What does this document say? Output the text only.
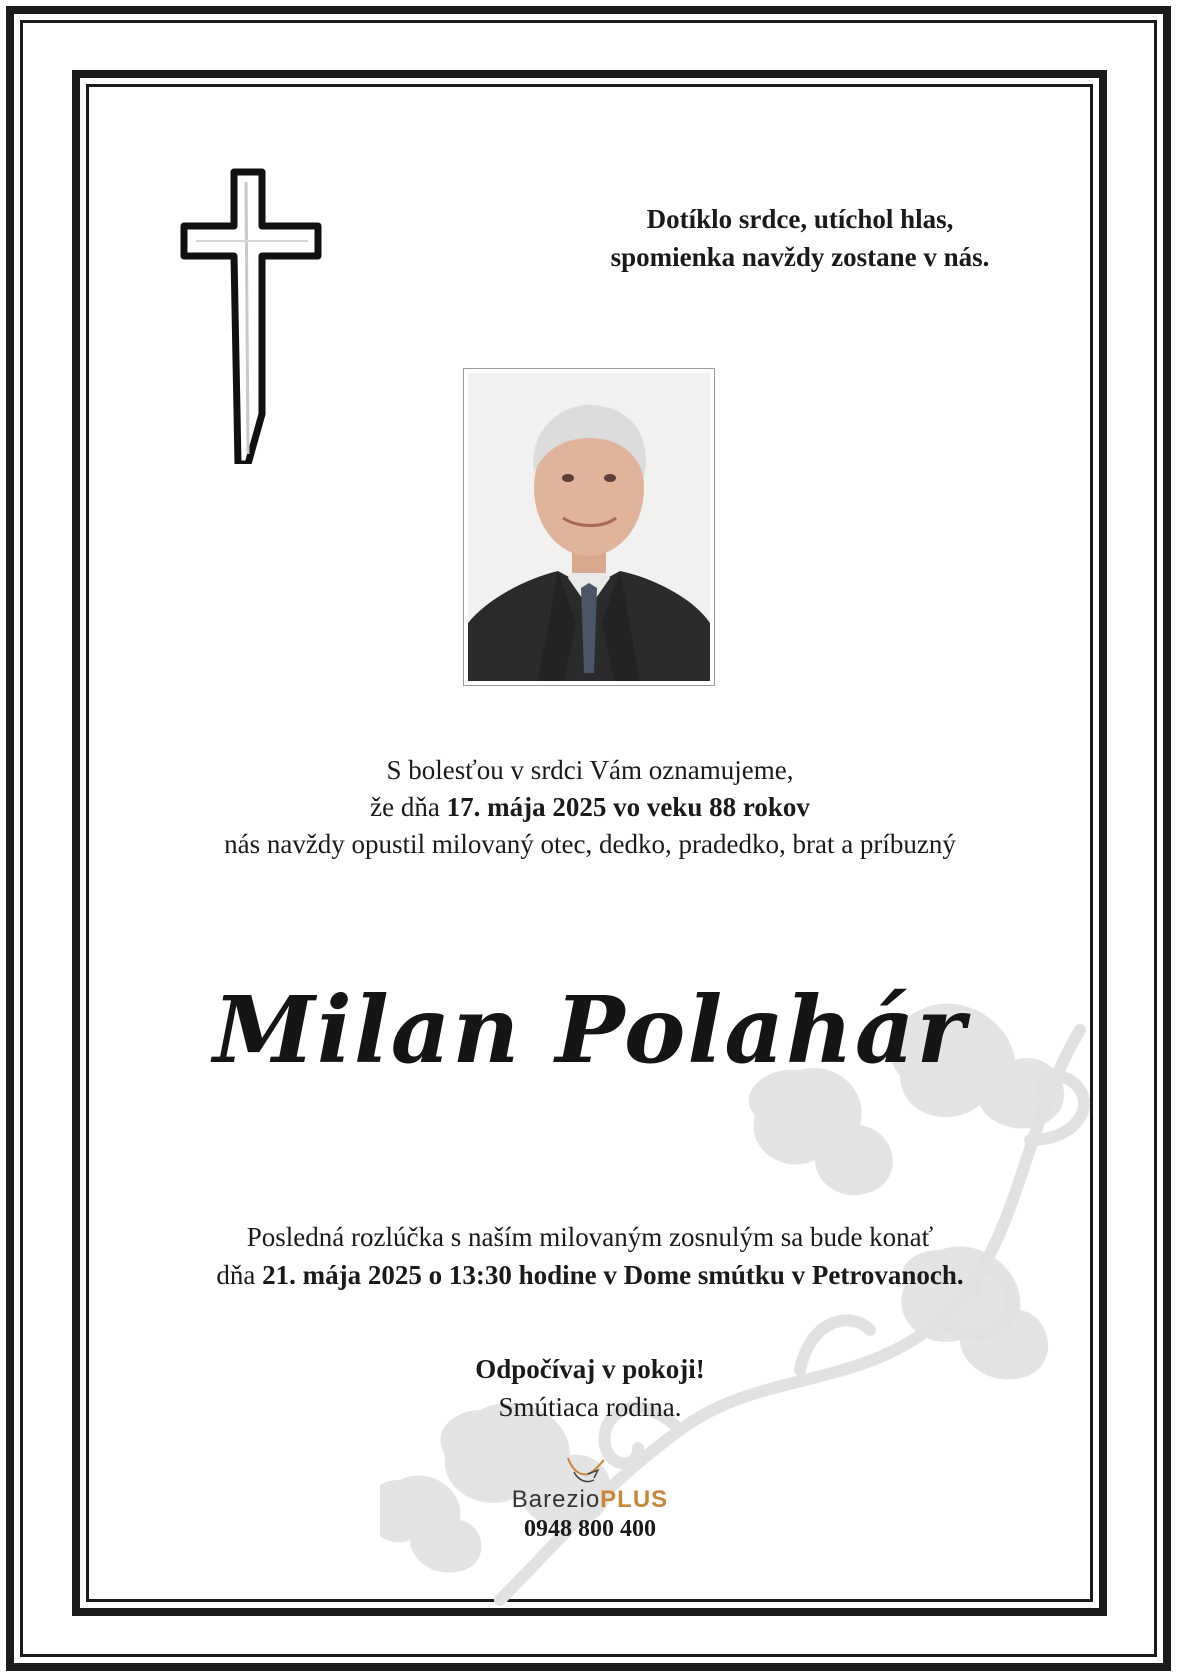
Dotíklo srdce, utíchol hlas,
spomienka navždy zostane v nás.
S bolesťou v srdci Vám oznamujeme,
že dňa 17. mája 2025 vo veku 88 rokov
nás navždy opustil milovaný otec, dedko, pradedko, brat a príbuzný
Milan Polahár
Posledná rozlúčka s naším milovaným zosnulým sa bude konať
dňa 21. mája 2025 o 13:30 hodine v Dome smútku v Petrovanoch.
Odpočívaj v pokoji!
Smútiaca rodina.
BarezioPLUS
0948 800 400
